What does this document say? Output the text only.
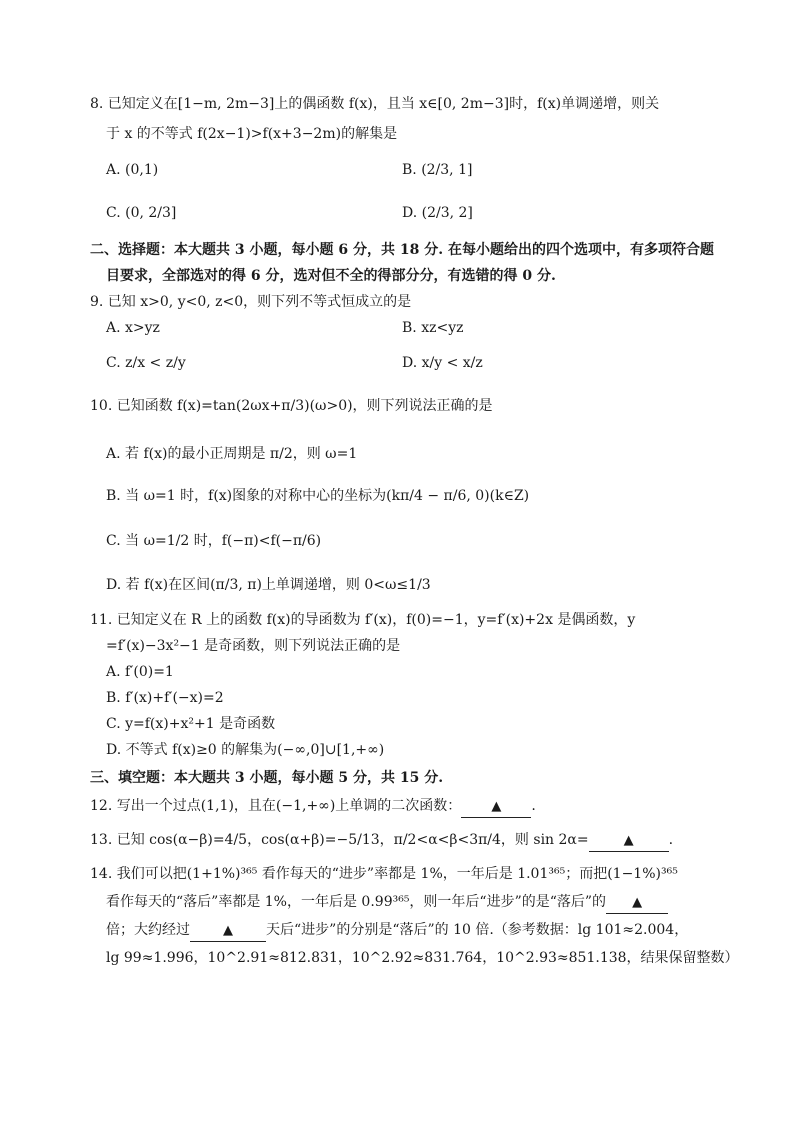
8. 已知定义在[1−m, 2m−3]上的偶函数 f(x)，且当 x∈[0, 2m−3]时，f(x)单调递增，则关
于 x 的不等式 f(2x−1)>f(x+3−2m)的解集是
A. (0,1)	B. (2/3, 1]
C. (0, 2/3]	D. (2/3, 2]
二、选择题：本大题共 3 小题，每小题 6 分，共 18 分. 在每小题给出的四个选项中，有多项符合题
目要求，全部选对的得 6 分，选对但不全的得部分分，有选错的得 0 分.
9. 已知 x>0, y<0, z<0，则下列不等式恒成立的是
A. x>yz	B. xz<yz
C. z/x < z/y	D. x/y < x/z
10. 已知函数 f(x)=tan(2ωx+π/3)(ω>0)，则下列说法正确的是
A. 若 f(x)的最小正周期是 π/2，则 ω=1
B. 当 ω=1 时，f(x)图象的对称中心的坐标为(kπ/4 − π/6, 0)(k∈Z)
C. 当 ω=1/2 时，f(−π)<f(−π/6)
D. 若 f(x)在区间(π/3, π)上单调递增，则 0<ω≤1/3
11. 已知定义在 R 上的函数 f(x)的导函数为 f′(x)，f(0)=−1，y=f′(x)+2x 是偶函数，y
=f′(x)−3x²−1 是奇函数，则下列说法正确的是
A. f′(0)=1
B. f′(x)+f′(−x)=2
C. y=f(x)+x²+1 是奇函数
D. 不等式 f(x)≥0 的解集为(−∞,0]∪[1,+∞)
三、填空题：本大题共 3 小题，每小题 5 分，共 15 分.
12. 写出一个过点(1,1)，且在(−1,+∞)上单调的二次函数： ▲ .
13. 已知 cos(α−β)=4/5，cos(α+β)=−5/13，π/2<α<β<3π/4，则 sin 2α=	▲	.
14. 我们可以把(1+1%)³⁶⁵ 看作每天的“进步”率都是 1%，一年后是 1.01³⁶⁵；而把(1−1%)³⁶⁵
看作每天的“落后”率都是 1%，一年后是 0.99³⁶⁵，则一年后“进步”的是“落后”的 ▲
倍；大约经过	▲ 天后“进步”的分别是“落后”的 10 倍.（参考数据：lg 101≈2.004，
lg 99≈1.996，10^2.91≈812.831，10^2.92≈831.764，10^2.93≈851.138，结果保留整数）
